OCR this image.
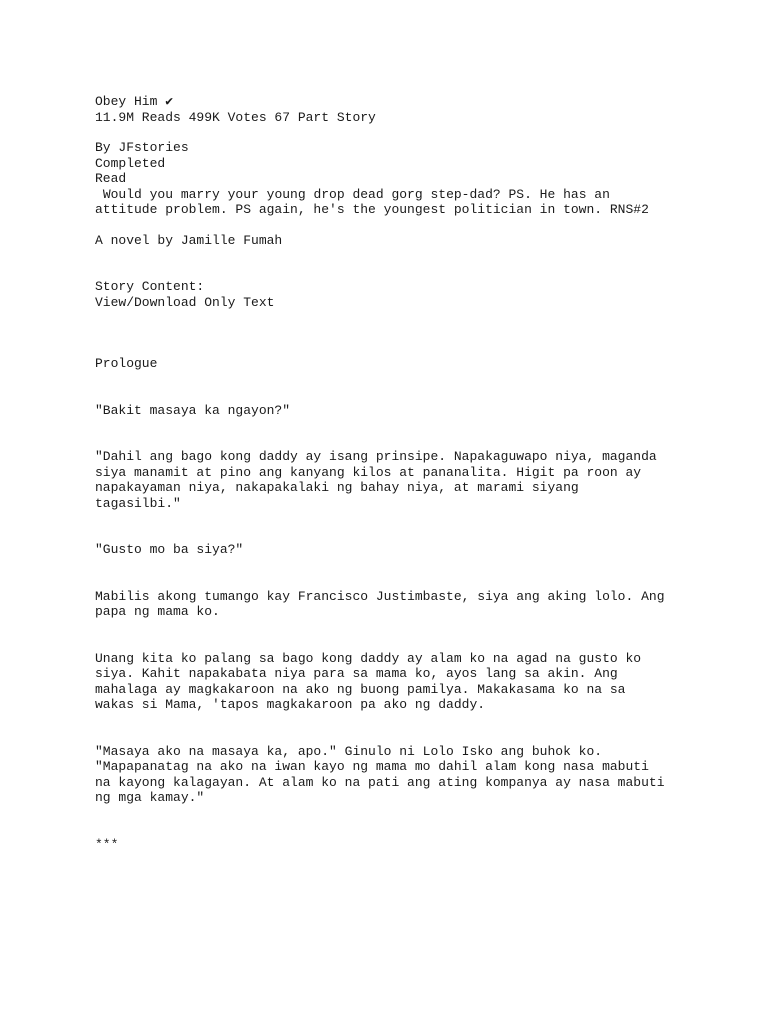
Obey Him ✔

11.9M Reads 499K Votes 67 Part Story

By JFstories

Completed

Read

Would you marry your young drop dead gorg step-dad? PS. He has an
attitude problem. PS again, he's the youngest politician in town. RNS#2

A novel by Jamille Fumah

Story Content:

View/Download Only Text

Prologue

"Bakit masaya ka ngayon?"

"Dahil ang bago kong daddy ay isang prinsipe. Napakaguwapo niya, maganda
siya manamit at pino ang kanyang kilos at pananalita. Higit pa roon ay
napakayaman niya, nakapakalaki ng bahay niya, at marami siyang
tagasilbi."

"Gusto mo ba siya?"

Mabilis akong tumango kay Francisco Justimbaste, siya ang aking lolo. Ang
papa ng mama ko.

Unang kita ko palang sa bago kong daddy ay alam ko na agad na gusto ko
siya. Kahit napakabata niya para sa mama ko, ayos lang sa akin. Ang
mahalaga ay magkakaroon na ako ng buong pamilya. Makakasama ko na sa
wakas si Mama, 'tapos magkakaroon pa ako ng daddy.

"Masaya ako na masaya ka, apo." Ginulo ni Lolo Isko ang buhok ko.
"Mapapanatag na ako na iwan kayo ng mama mo dahil alam kong nasa mabuti
na kayong kalagayan. At alam ko na pati ang ating kompanya ay nasa mabuti
ng mga kamay."

***
